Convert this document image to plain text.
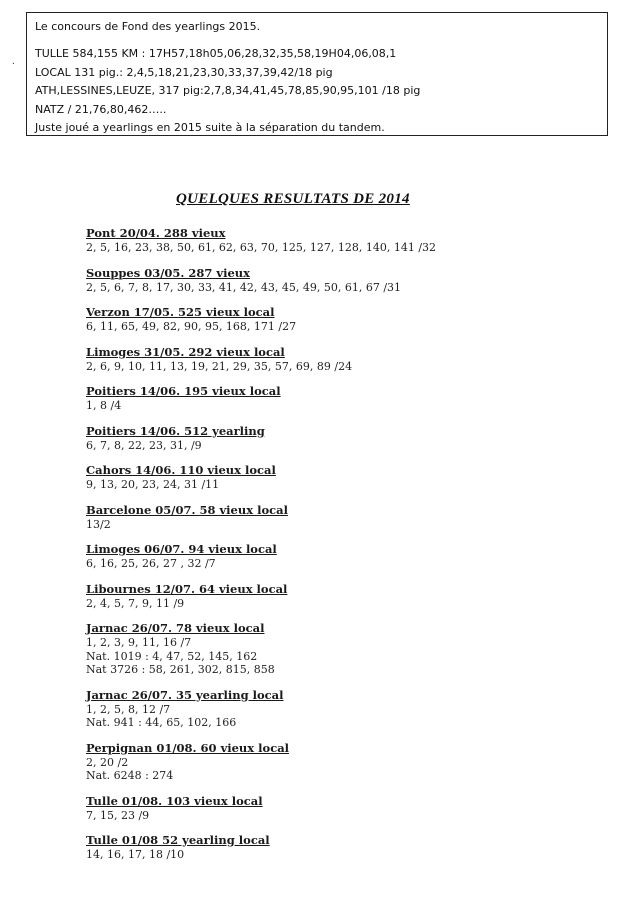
.
Le concours de Fond des yearlings 2015.
TULLE 584,155 KM : 17H57,18h05,06,28,32,35,58,19H04,06,08,1
LOCAL 131 pig.: 2,4,5,18,21,23,30,33,37,39,42/18 pig
ATH,LESSINES,LEUZE, 317 pig:2,7,8,34,41,45,78,85,90,95,101 /18 pig
NATZ / 21,76,80,462…..
Juste joué a yearlings en 2015 suite à la séparation du tandem.
QUELQUES RESULTATS DE 2014
Pont 20/04. 288 vieux
2, 5, 16, 23, 38, 50, 61, 62, 63, 70, 125, 127, 128, 140, 141 /32
Souppes 03/05. 287 vieux
2, 5, 6, 7, 8, 17, 30, 33, 41, 42, 43, 45, 49, 50, 61, 67 /31
Verzon 17/05. 525 vieux local
6, 11, 65, 49, 82, 90, 95, 168, 171 /27
Limoges 31/05. 292 vieux local
2, 6, 9, 10, 11, 13, 19, 21, 29, 35, 57, 69, 89 /24
Poitiers 14/06. 195 vieux local
1, 8 /4
Poitiers 14/06. 512 yearling
6, 7, 8, 22, 23, 31, /9
Cahors 14/06. 110 vieux local
9, 13, 20, 23, 24, 31 /11
Barcelone 05/07. 58 vieux local
13/2
Limoges 06/07. 94 vieux local
6, 16, 25, 26, 27 , 32 /7
Libournes 12/07. 64 vieux local
2, 4, 5, 7, 9, 11 /9
Jarnac 26/07. 78 vieux local
1, 2, 3, 9, 11, 16 /7
Nat. 1019 : 4, 47, 52, 145, 162
Nat 3726 : 58, 261, 302, 815, 858
Jarnac 26/07. 35 yearling local
1, 2, 5, 8, 12 /7
Nat. 941 : 44, 65, 102, 166
Perpignan 01/08. 60 vieux local
2, 20 /2
Nat. 6248 : 274
Tulle 01/08. 103 vieux local
7, 15, 23 /9
Tulle 01/08 52 yearling local
14, 16, 17, 18 /10
